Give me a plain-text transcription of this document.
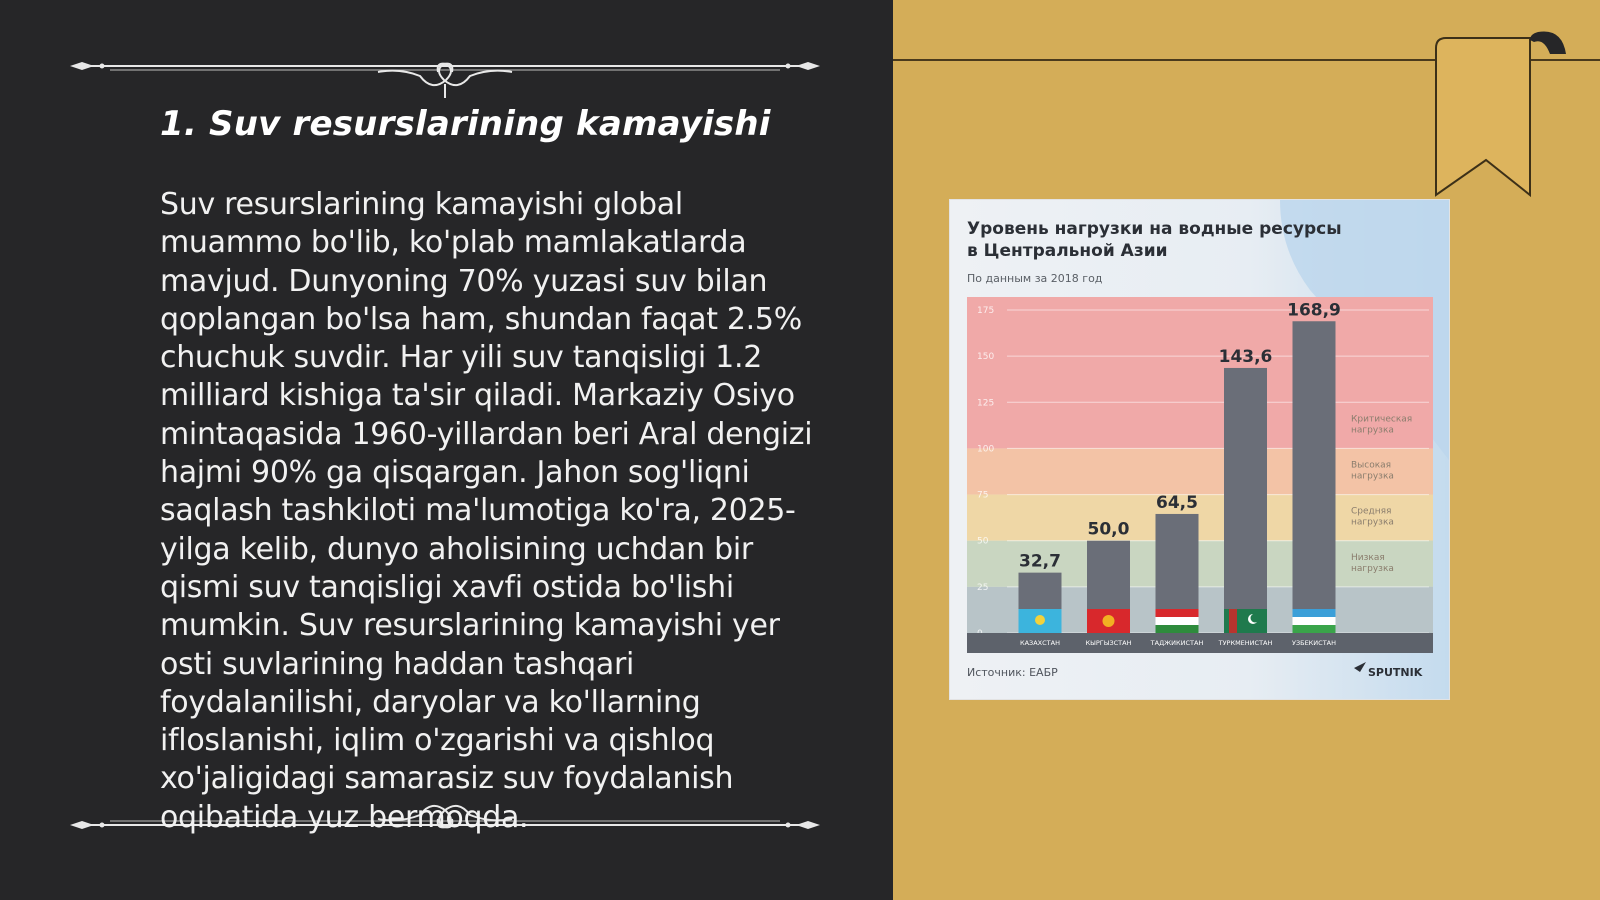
1. Suv resurslarining kamayishi

Suv resurslarining kamayishi global muammo bo'lib, ko'plab mamlakatlarda mavjud. Dunyoning 70% yuzasi suv bilan qoplangan bo'lsa ham, shundan faqat 2.5% chuchuk suvdir. Har yili suv tanqisligi 1.2 milliard kishiga ta'sir qiladi. Markaziy Osiyo mintaqasida 1960-yillardan beri Aral dengizi hajmi 90% ga qisqargan. Jahon sog'liqni saqlash tashkiloti ma'lumotiga ko'ra, 2025-yilga kelib, dunyo aholisining uchdan bir qismi suv tanqisligi xavfi ostida bo'lishi mumkin. Suv resurslarining kamayishi yer osti suvlarining haddan tashqari foydalanilishi, daryolar va ko'llarning ifloslanishi, iqlim o'zgarishi va qishloq xo'jaligidagi samarasiz suv foydalanish oqibatida yuz bermoqda.

Уровень нагрузки на водные ресурсы
в Центральной Азии
По данным за 2018 год
25
50
75
100
125
150
175
Критическая
нагрузка
Высокая
нагрузка
Средняя
нагрузка
Низкая
нагрузка
32,7
КАЗАХСТАН
50,0
КЫРГЫЗСТАН
64,5
ТАДЖИКИСТАН
143,6
ТУРКМЕНИСТАН
168,9
УЗБЕКИСТАН
Источник: ЕАБР	SPUTNIK
